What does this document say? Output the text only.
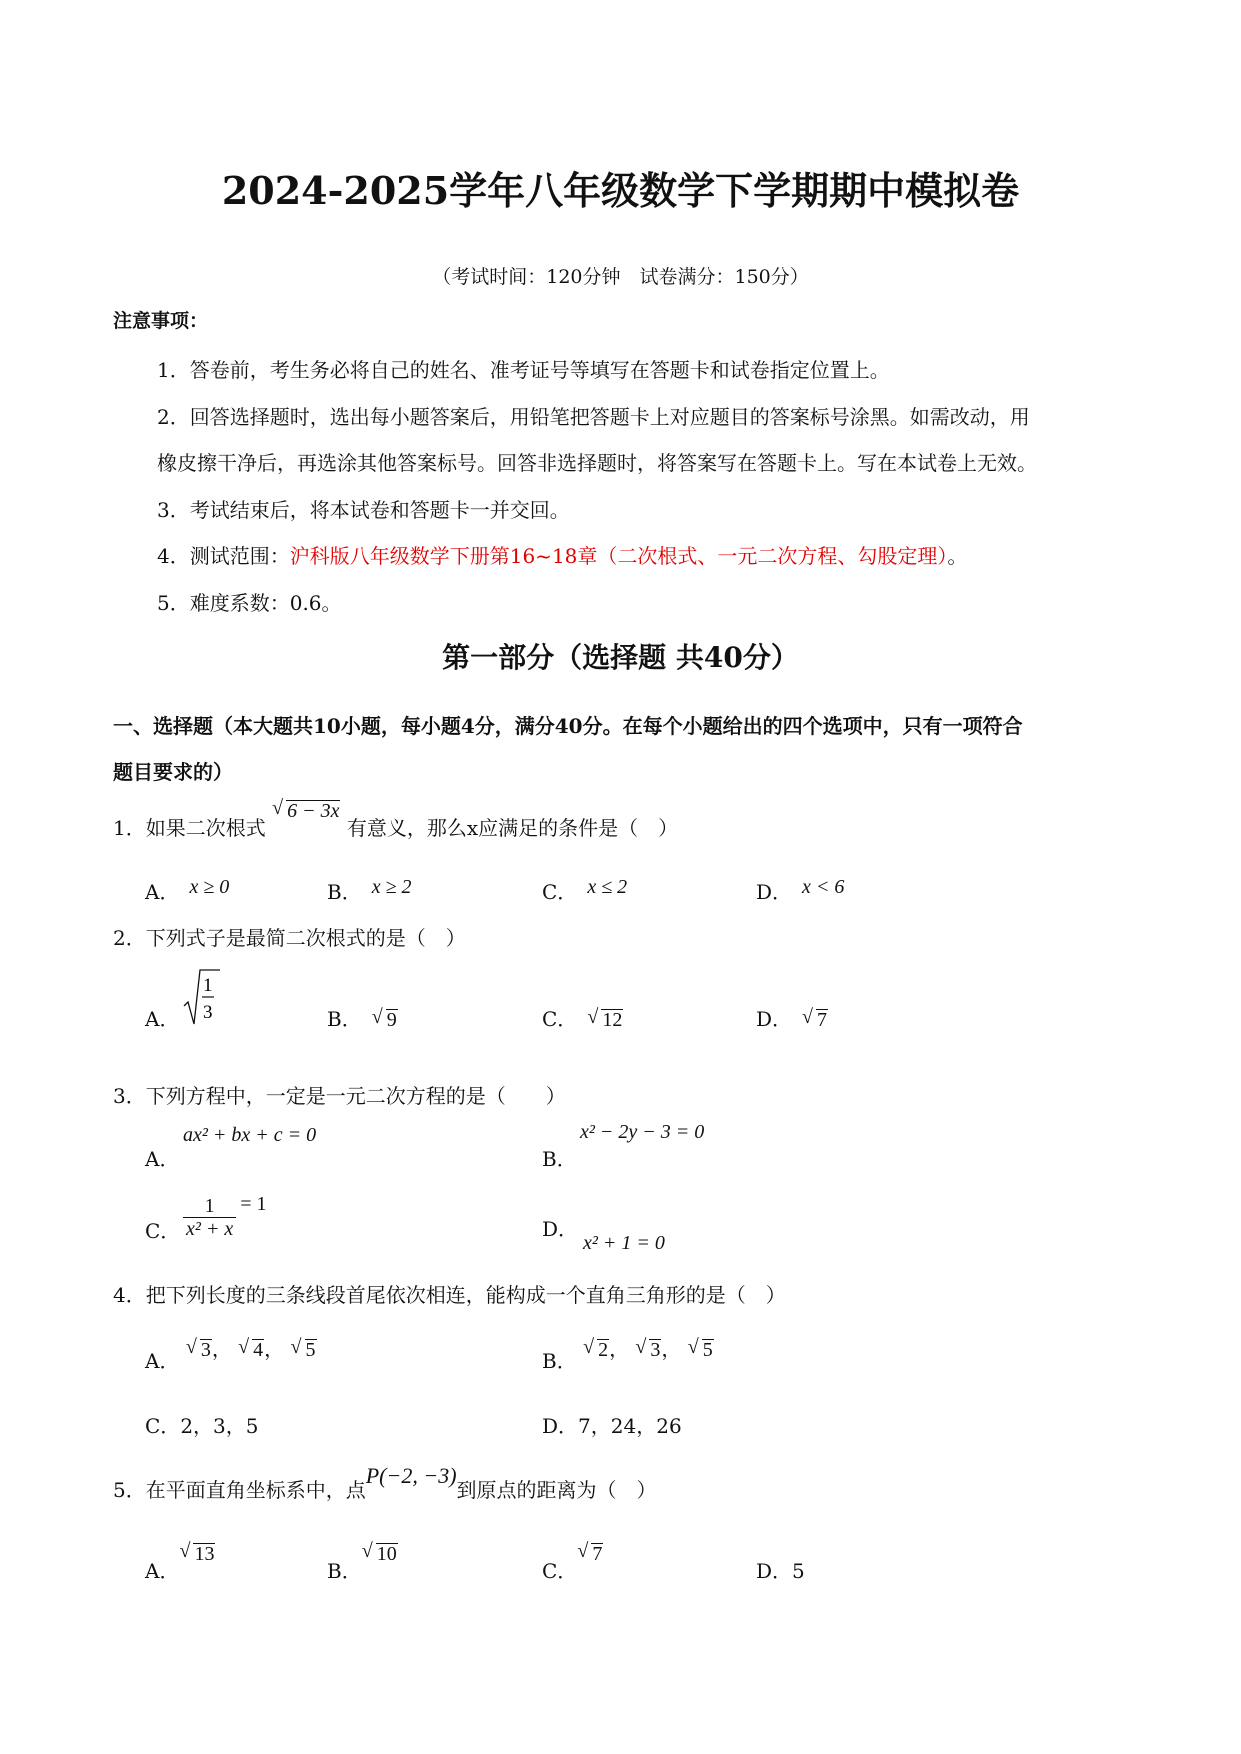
2024-2025学年八年级数学下学期期中模拟卷
（考试时间：120分钟　试卷满分：150分）
注意事项：
1．答卷前，考生务必将自己的姓名、准考证号等填写在答题卡和试卷指定位置上。
2．回答选择题时，选出每小题答案后，用铅笔把答题卡上对应题目的答案标号涂黑。如需改动，用
橡皮擦干净后，再选涂其他答案标号。回答非选择题时，将答案写在答题卡上。写在本试卷上无效。
3．考试结束后，将本试卷和答题卡一并交回。
4．测试范围：沪科版八年级数学下册第16~18章（二次根式、一元二次方程、勾股定理）。
5．难度系数：0.6。
第一部分（选择题 共40分）
一、选择题（本大题共10小题，每小题4分，满分40分。在每个小题给出的四个选项中，只有一项符合
题目要求的）
1．如果二次根式 √ 6 − 3x 有意义，那么x应满足的条件是（　）
A． x ≥ 0	B． x ≥ 2	C． x ≤ 2	D． x < 6
2．下列式子是最简二次根式的是（　）
A．
1
3	B． √ 9	C． √ 12	D． √ 7
3．下列方程中，一定是一元二次方程的是（　　）
A．
ax² + bx + c = 0
B．
x² − 2y − 3 = 0
C． $\frac{1}{\text{x² + x}} = 1$
D．
x² + 1 = 0
4．把下列长度的三条线段首尾依次相连，能构成一个直角三角形的是（　）
A． √ 3， √ 4， √ 5	B． √ 2， √ 3， √ 5
C．2，3，5	D．7，24，26
5．在平面直角坐标系中，点P(−2, −3)到原点的距离为（　）
A．√ 13
B．√ 10
C．√ 7
D．5
